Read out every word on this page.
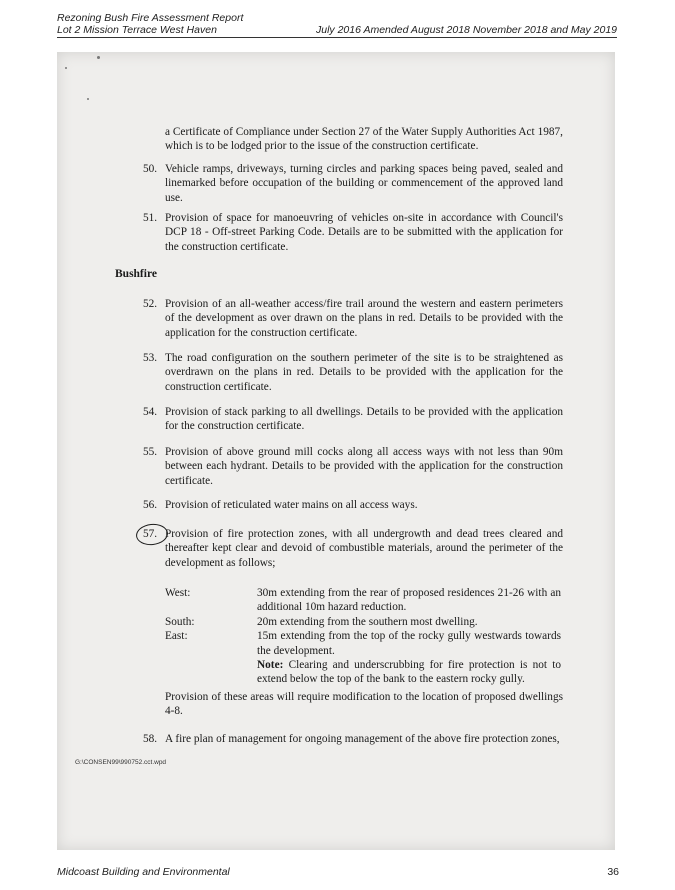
Rezoning Bush Fire Assessment Report
Lot 2 Mission Terrace West Haven	July 2016 Amended August 2018 November 2018 and May 2019
a Certificate of Compliance under Section 27 of the Water Supply Authorities Act 1987, which is to be lodged prior to the issue of the construction certificate.
50. Vehicle ramps, driveways, turning circles and parking spaces being paved, sealed and linemarked before occupation of the building or commencement of the approved land use.
51. Provision of space for manoeuvring of vehicles on-site in accordance with Council's DCP 18 - Off-street Parking Code. Details are to be submitted with the application for the construction certificate.
Bushfire
52. Provision of an all-weather access/fire trail around the western and eastern perimeters of the development as over drawn on the plans in red. Details to be provided with the application for the construction certificate.
53. The road configuration on the southern perimeter of the site is to be straightened as overdrawn on the plans in red. Details to be provided with the application for the construction certificate.
54. Provision of stack parking to all dwellings. Details to be provided with the application for the construction certificate.
55. Provision of above ground mill cocks along all access ways with not less than 90m between each hydrant. Details to be provided with the application for the construction certificate.
56. Provision of reticulated water mains on all access ways.
57. Provision of fire protection zones, with all undergrowth and dead trees cleared and thereafter kept clear and devoid of combustible materials, around the perimeter of the development as follows;
West:	30m extending from the rear of proposed residences 21-26 with an additional 10m hazard reduction.
South:	20m extending from the southern most dwelling.
East:	15m extending from the top of the rocky gully westwards towards the development.
Note: Clearing and underscrubbing for fire protection is not to extend below the top of the bank to the eastern rocky gully.
Provision of these areas will require modification to the location of proposed dwellings 4-8.
58. A fire plan of management for ongoing management of the above fire protection zones,
G:\CONSEN99\990752.cct.wpd
Midcoast Building and Environmental	36
